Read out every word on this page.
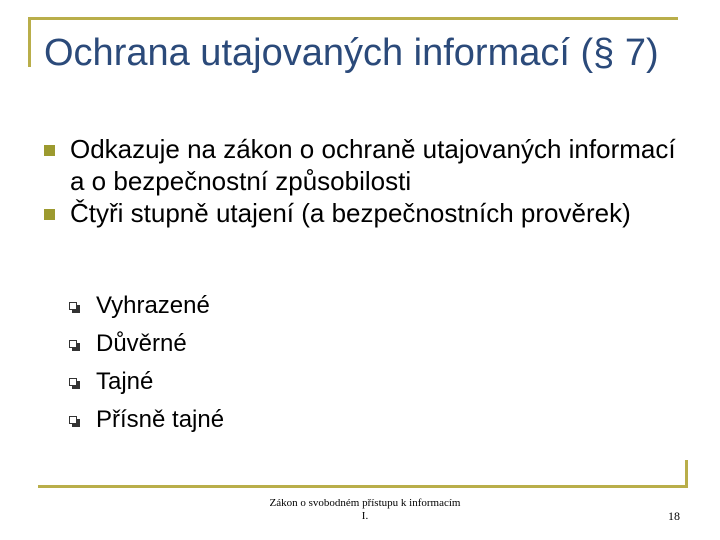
Ochrana utajovaných informací (§ 7)
Odkazuje na zákon o ochraně utajovaných informací a o bezpečnostní způsobilosti
Čtyři stupně utajení (a bezpečnostních prověrek)
Vyhrazené
Důvěrné
Tajné
Přísně tajné
Zákon o svobodném přístupu k informacím
I.	18
